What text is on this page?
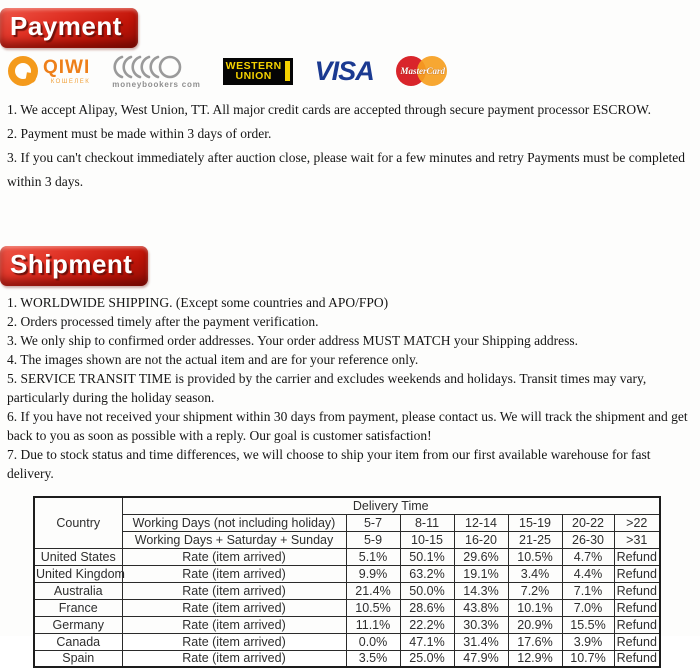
Payment
QIWI
КОШЕЛЕК	moneybookers com
WESTERN
UNION	VISA	MasterCard
1. We accept Alipay, West Union, TT. All major credit cards are accepted through secure payment processor ESCROW.
2. Payment must be made within 3 days of order.
3. If you can't checkout immediately after auction close, please wait for a few minutes and retry Payments must be completed within 3 days.
Shipment
1. WORLDWIDE SHIPPING. (Except some countries and APO/FPO)
2. Orders processed timely after the payment verification.
3. We only ship to confirmed order addresses. Your order address MUST MATCH your Shipping address.
4. The images shown are not the actual item and are for your reference only.
5. SERVICE TRANSIT TIME is provided by the carrier and excludes weekends and holidays. Transit times may vary, particularly during the holiday season.
6. If you have not received your shipment within 30 days from payment, please contact us. We will track the shipment and get back to you as soon as possible with a reply. Our goal is customer satisfaction!
7. Due to stock status and time differences, we will choose to ship your item from our first available warehouse for fast delivery.
Country	Delivery Time						
	Working Days (not including holiday)	5-7	8-11	12-14	15-19	20-22	>22
	Working Days + Saturday + Sunday	5-9	10-15	16-20	21-25	26-30	>31
United States	Rate (item arrived)	5.1%	50.1%	29.6%	10.5%	4.7%	Refund
United Kingdom	Rate (item arrived)	9.9%	63.2%	19.1%	3.4%	4.4%	Refund
Australia	Rate (item arrived)	21.4%	50.0%	14.3%	7.2%	7.1%	Refund
France	Rate (item arrived)	10.5%	28.6%	43.8%	10.1%	7.0%	Refund
Germany	Rate (item arrived)	11.1%	22.2%	30.3%	20.9%	15.5%	Refund
Canada	Rate (item arrived)	0.0%	47.1%	31.4%	17.6%	3.9%	Refund
Spain	Rate (item arrived)	3.5%	25.0%	47.9%	12.9%	10.7%	Refund
